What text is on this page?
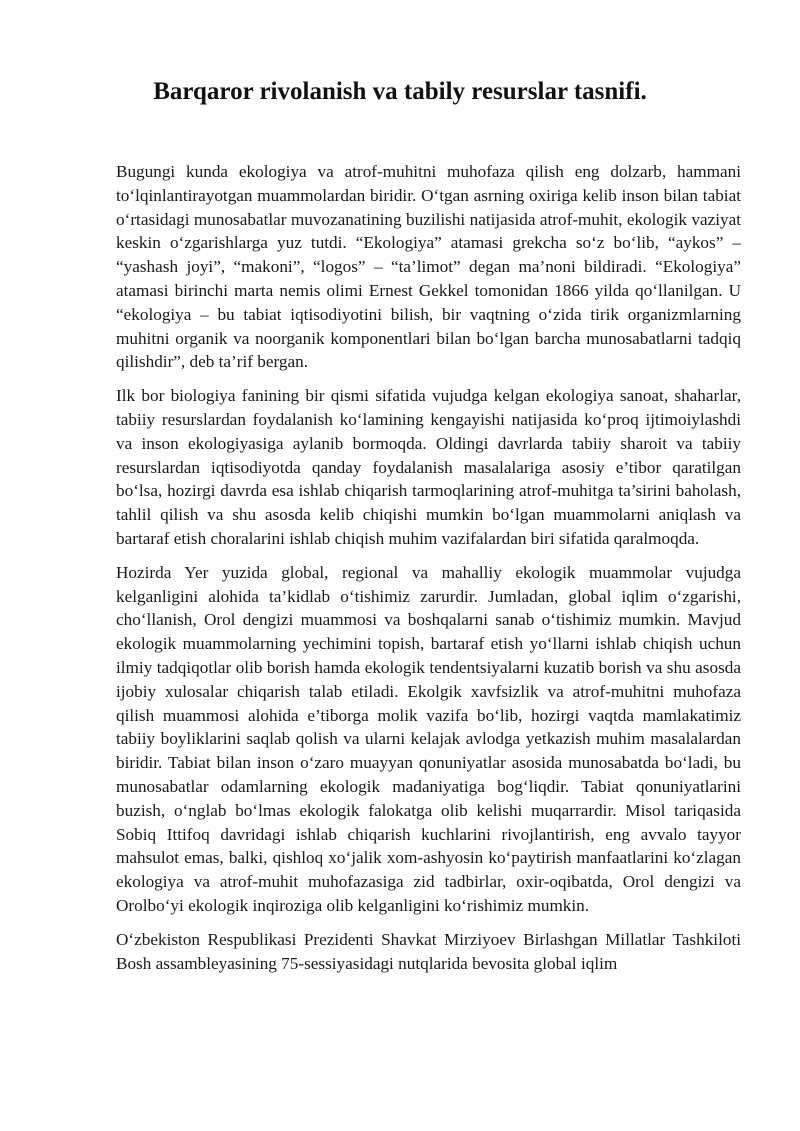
Barqaror rivolanish va tabily resurslar tasnifi.

Bugungi kunda ekologiya va atrof-muhitni muhofaza qilish eng dolzarb, hammani to‘lqinlantirayotgan muammolardan biridir. O‘tgan asrning oxiriga kelib inson bilan tabiat o‘rtasidagi munosabatlar muvozanatining buzilishi natijasida atrof-muhit, ekologik vaziyat keskin o‘zgarishlarga yuz tutdi. “Ekologiya” atamasi grekcha so‘z bo‘lib, “aykos” – “yashash joyi”, “makoni”, “logos” – “ta’limot” degan ma’noni bildiradi. “Ekologiya” atamasi birinchi marta nemis olimi Ernest Gekkel tomonidan 1866 yilda qo‘llanilgan. U “ekologiya – bu tabiat iqtisodiyotini bilish, bir vaqtning o‘zida tirik organizmlarning muhitni organik va noorganik komponentlari bilan bo‘lgan barcha munosabatlarni tadqiq qilishdir”, deb ta’rif bergan.

Ilk bor biologiya fanining bir qismi sifatida vujudga kelgan ekologiya sanoat, shaharlar, tabiiy resurslardan foydalanish ko‘lamining kengayishi natijasida ko‘proq ijtimoiylashdi va inson ekologiyasiga aylanib bormoqda. Oldingi davrlarda tabiiy sharoit va tabiiy resurslardan iqtisodiyotda qanday foydalanish masalalariga asosiy e’tibor qaratilgan bo‘lsa, hozirgi davrda esa ishlab chiqarish tarmoqlarining atrof-muhitga ta’sirini baholash, tahlil qilish va shu asosda kelib chiqishi mumkin bo‘lgan muammolarni aniqlash va bartaraf etish choralarini ishlab chiqish muhim vazifalardan biri sifatida qaralmoqda.

Hozirda Yer yuzida global, regional va mahalliy ekologik muammolar vujudga kelganligini alohida ta’kidlab o‘tishimiz zarurdir. Jumladan, global iqlim o‘zgarishi, cho‘llanish, Orol dengizi muammosi va boshqalarni sanab o‘tishimiz mumkin. Mavjud ekologik muammolarning yechimini topish, bartaraf etish yo‘llarni ishlab chiqish uchun ilmiy tadqiqotlar olib borish hamda ekologik tendentsiyalarni kuzatib borish va shu asosda ijobiy xulosalar chiqarish talab etiladi. Ekolgik xavfsizlik va atrof-muhitni muhofaza qilish muammosi alohida e’tiborga molik vazifa bo‘lib, hozirgi vaqtda mamlakatimiz tabiiy boyliklarini saqlab qolish va ularni kelajak avlodga yetkazish muhim masalalardan biridir. Tabiat bilan inson o‘zaro muayyan qonuniyatlar asosida munosabatda bo‘ladi, bu munosabatlar odamlarning ekologik madaniyatiga bog‘liqdir. Tabiat qonuniyatlarini buzish, o‘nglab bo‘lmas ekologik falokatga olib kelishi muqarrardir. Misol tariqasida Sobiq Ittifoq davridagi ishlab chiqarish kuchlarini rivojlantirish, eng avvalo tayyor mahsulot emas, balki, qishloq xo‘jalik xom-ashyosin ko‘paytirish manfaatlarini ko‘zlagan ekologiya va atrof-muhit muhofazasiga zid tadbirlar, oxir-oqibatda, Orol dengizi va Orolbo‘yi ekologik inqiroziga olib kelganligini ko‘rishimiz mumkin.

O‘zbekiston Respublikasi Prezidenti Shavkat Mirziyoev Birlashgan Millatlar Tashkiloti Bosh assambleyasining 75-sessiyasidagi nutqlarida bevosita global iqlim
